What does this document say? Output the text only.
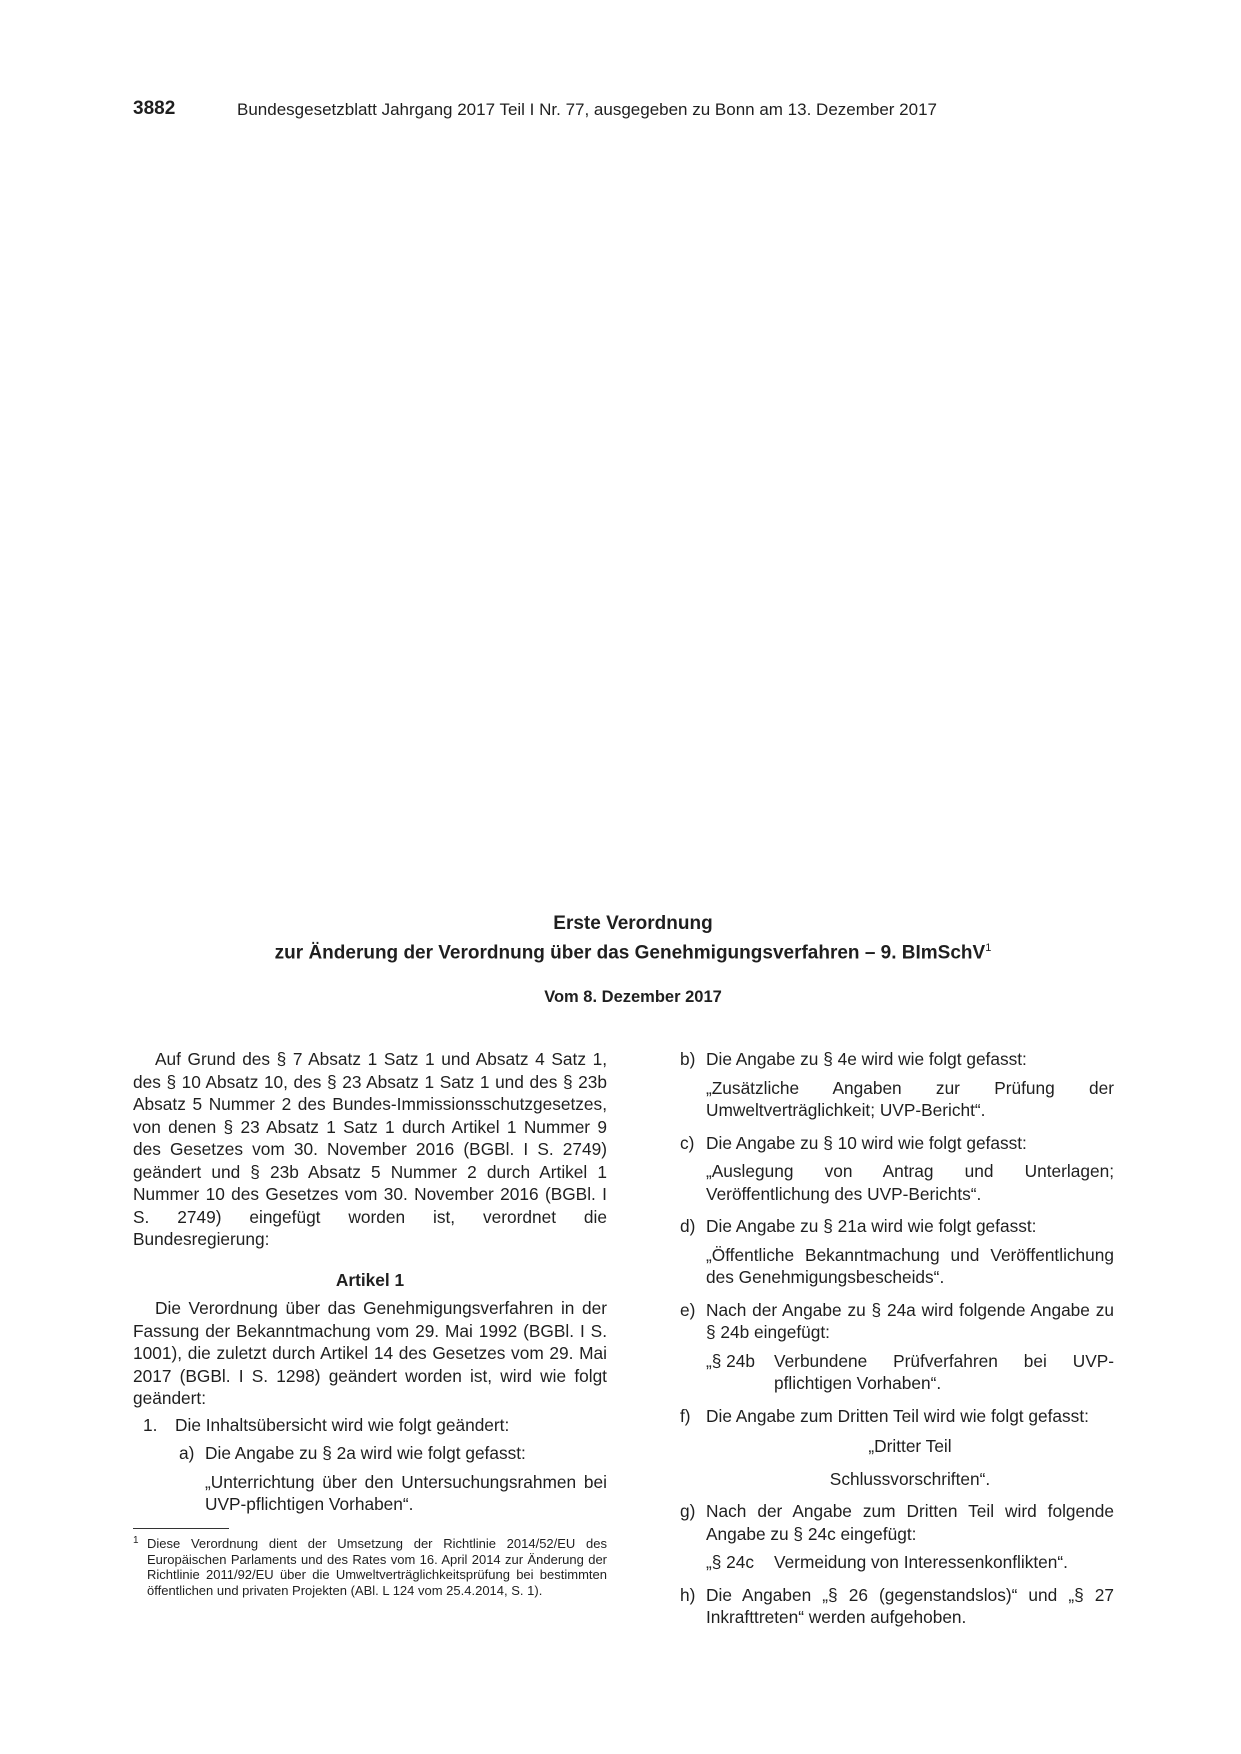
3882	Bundesgesetzblatt Jahrgang 2017 Teil I Nr. 77, ausgegeben zu Bonn am 13. Dezember 2017

Erste Verordnung

zur Änderung der Verordnung über das Genehmigungsverfahren – 9. BImSchV$^1$

Vom 8. Dezember 2017

Auf Grund des § 7 Absatz 1 Satz 1 und Absatz 4 Satz 1, des § 10 Absatz 10, des § 23 Absatz 1 Satz 1 und des § 23b Absatz 5 Nummer 2 des Bundes-Immissionsschutzgesetzes, von denen § 23 Absatz 1 Satz 1 durch Artikel 1 Nummer 9 des Gesetzes vom 30. November 2016 (BGBl. I S. 2749) geändert und § 23b Absatz 5 Nummer 2 durch Artikel 1 Nummer 10 des Gesetzes vom 30. November 2016 (BGBl. I S. 2749) eingefügt worden ist, verordnet die Bundesregierung:

Artikel 1

Die Verordnung über das Genehmigungsverfahren in der Fassung der Bekanntmachung vom 29. Mai 1992 (BGBl. I S. 1001), die zuletzt durch Artikel 14 des Gesetzes vom 29. Mai 2017 (BGBl. I S. 1298) geändert worden ist, wird wie folgt geändert:

1.	Die Inhaltsübersicht wird wie folgt geändert:
a) Die Angabe zu § 2a wird wie folgt gefasst:
„Unterrichtung über den Untersuchungsrahmen bei UVP-pflichtigen Vorhaben“.
b) Die Angabe zu § 4e wird wie folgt gefasst:
„Zusätzliche Angaben zur Prüfung der Umweltverträglichkeit; UVP-Bericht“.
c) Die Angabe zu § 10 wird wie folgt gefasst:
„Auslegung von Antrag und Unterlagen; Veröffentlichung des UVP-Berichts“.
d) Die Angabe zu § 21a wird wie folgt gefasst:
„Öffentliche Bekanntmachung und Veröffentlichung des Genehmigungsbescheids“.
e) Nach der Angabe zu § 24a wird folgende Angabe zu § 24b eingefügt:
„§ 24b	Verbundene Prüfverfahren bei UVP-pflichtigen Vorhaben“.
f) Die Angabe zum Dritten Teil wird wie folgt gefasst:
„Dritter Teil
Schlussvorschriften“.
g) Nach der Angabe zum Dritten Teil wird folgende Angabe zu § 24c eingefügt:
„§ 24c	Vermeidung von Interessenkonflikten“.
h) Die Angaben „§ 26 (gegenstandslos)“ und „§ 27 Inkrafttreten“ werden aufgehoben.
1 Diese Verordnung dient der Umsetzung der Richtlinie 2014/52/EU des Europäischen Parlaments und des Rates vom 16. April 2014 zur Änderung der Richtlinie 2011/92/EU über die Umweltverträglichkeitsprüfung bei bestimmten öffentlichen und privaten Projekten (ABl. L 124 vom 25.4.2014, S. 1).
